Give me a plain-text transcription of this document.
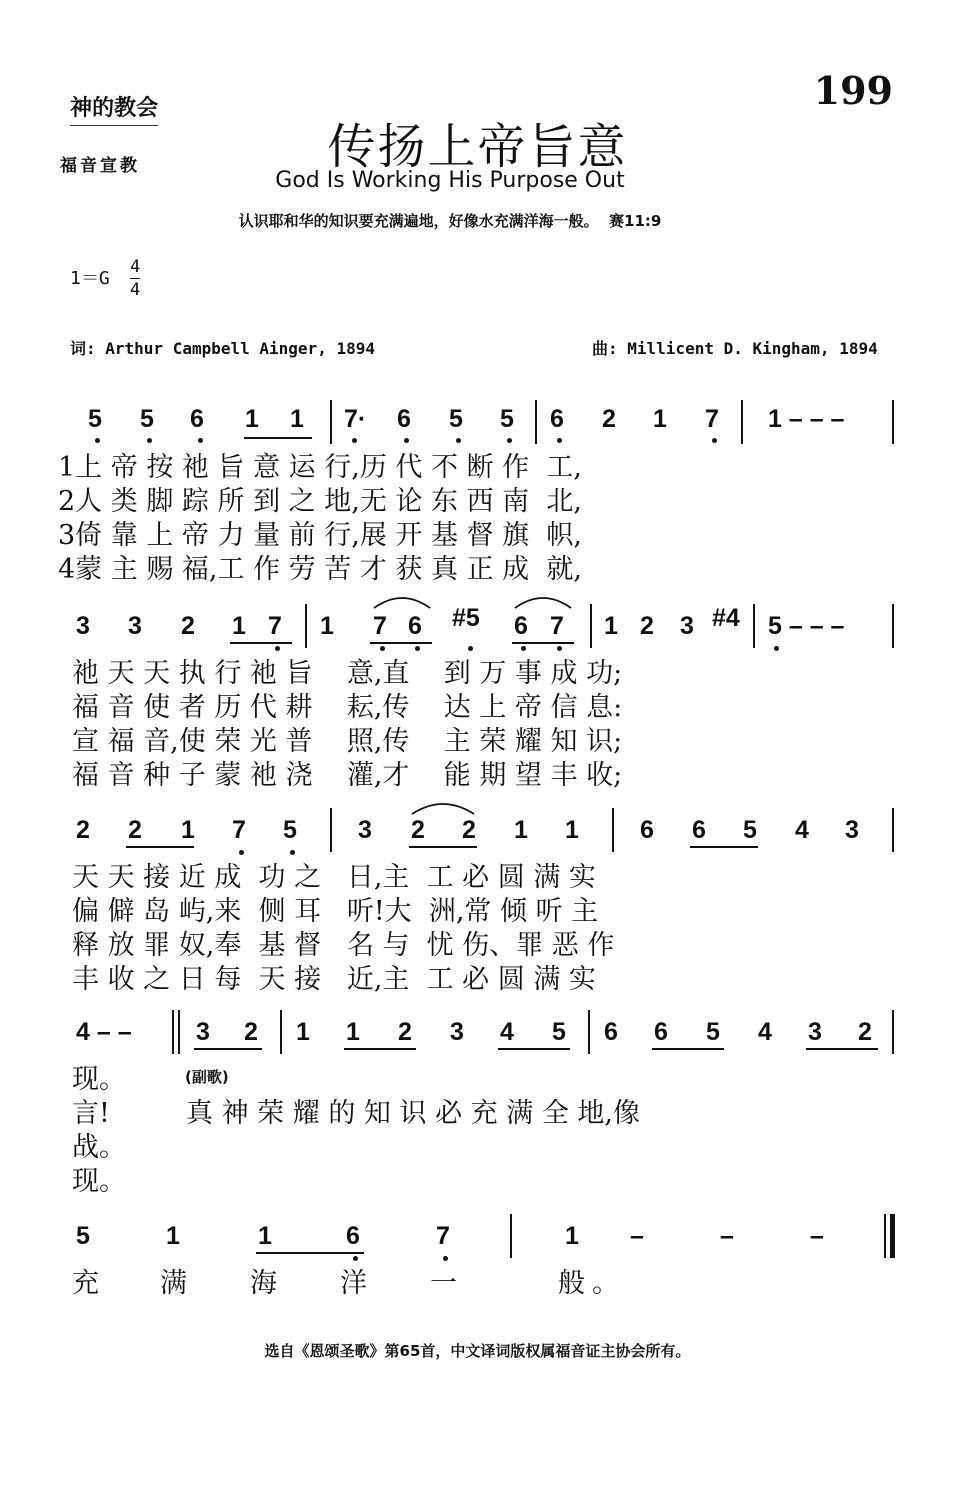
神的教会

福音宣教

199
传扬上帝旨意
God Is Working His Purpose Out
认识耶和华的知识要充满遍地，好像水充满洋海一般。  赛11:9
1＝G
4
4
词: Arthur Campbell Ainger, 1894	曲: Millicent D. Kingham, 1894
5 5 6 1 1 7· 6 5 5 6 2 1 7 1 – – –
1上 帝 按 祂 旨 意 运 行,历 代 不 断 作  工,
2人 类 脚 踪 所 到 之 地,无 论 东 西 南  北,
3倚 靠 上 帝 力 量 前 行,展 开 基 督 旗  帜,
4蒙 主 赐 福,工 作 劳 苦 才 获 真 正 成  就,
3 3 2 1 7 1 7 6 #5 6 7 1 2 3 #4 5 – – –
祂 天 天 执 行 祂 旨    意,直    到 万 事 成 功;
福 音 使 者 历 代 耕    耘,传    达 上 帝 信 息:
宣 福 音,使 荣 光 普    照,传    主 荣 耀 知 识;
福 音 种 子 蒙 祂 浇    灌,才    能 期 望 丰 收;
2 2 1 7 5 3 2 2 1 1 6 6 5 4 3
天 天 接 近 成  功 之   日,主  工 必 圆 满 实
偏 僻 岛 屿,来  侧 耳   听!大  洲,常 倾 听 主
释 放 罪 奴,奉  基 督   名 与  忧 伤、罪 恶 作
丰 收 之 日 每  天 接   近,主  工 必 圆 满 实
4 – –	3 2 1 1 2 3 4 5 6 6 5 4 3 2
(副歌)
现。
言!
战。
现。
真 神 荣 耀 的 知 识 必 充 满 全 地,像
5	1	1	6	7	1 –	–	–
充 满 海 洋 一	般 。
选自《恩颂圣歌》第65首，中文译词版权属福音证主协会所有。
